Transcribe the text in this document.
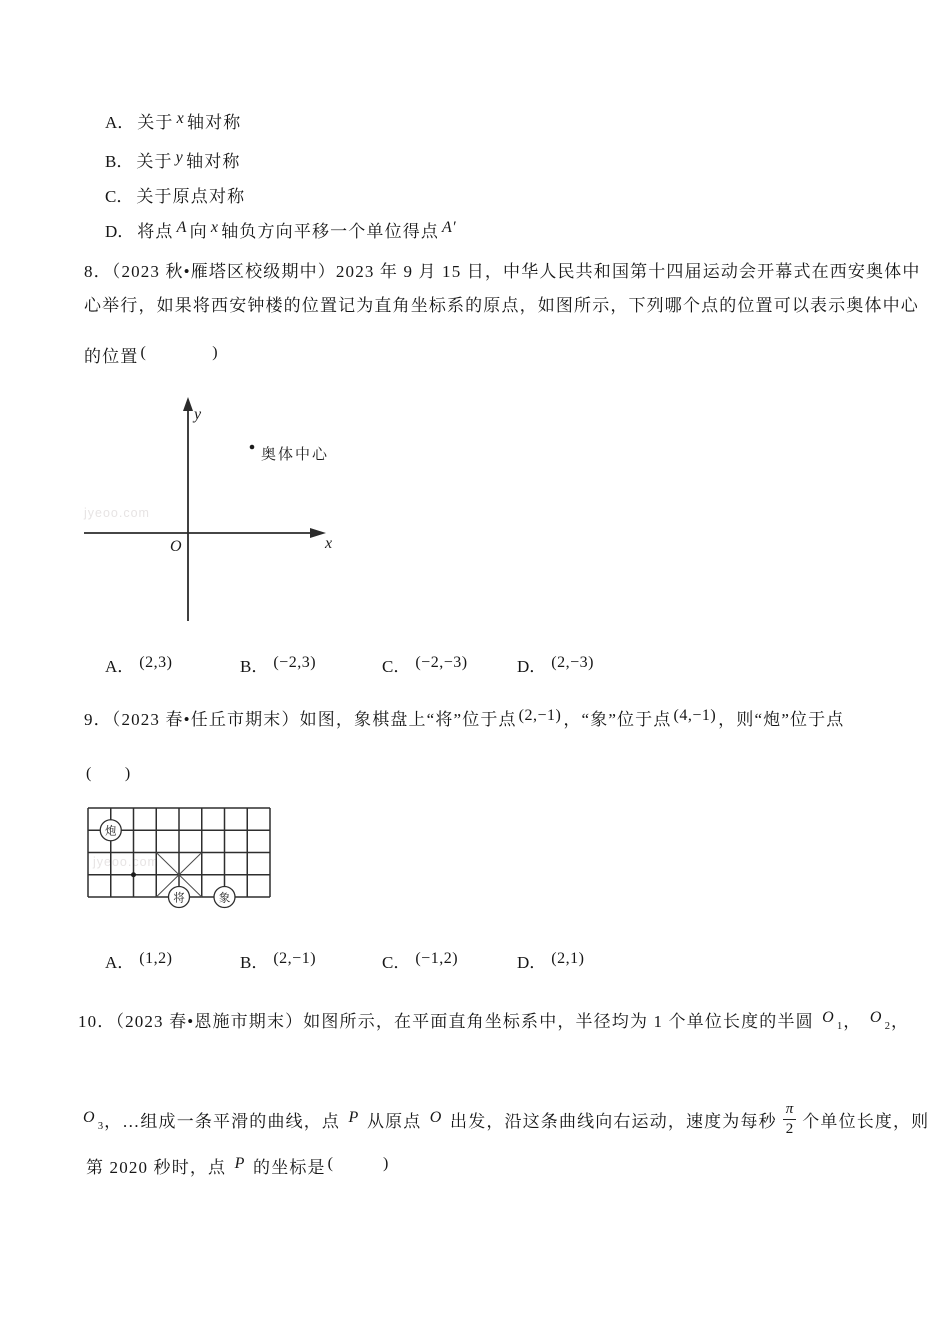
A． 关于 x 轴对称
B． 关于 y 轴对称
C． 关于原点对称
D． 将点 A 向 x 轴负方向平移一个单位得点 A′
8．（2023 秋•雁塔区校级期中）2023 年 9 月 15 日，中华人民共和国第十四届运动会开幕式在西安奥体中
心举行，如果将西安钟楼的位置记为直角坐标系的原点，如图所示，下列哪个点的位置可以表示奥体中心
的位置 (　　　　)
jyeoo.com
y
x
O
奥体中心
A． (2,3)	B． (−2,3)	C． (−2,−3)	D． (2,−3)
9．（2023 春•任丘市期末）如图，象棋盘上“将”位于点 (2,−1) ，“象”位于点 (4,−1) ，则“炮”位于点
(　　)
jyeoo.com
炮
将	象
A． (1,2)	B． (2,−1)	C． (−1,2)	D． (2,1)
10．（2023 春•恩施市期末）如图所示，在平面直角坐标系中，半径均为 1 个单位长度的半圆 O1， O2，
O3，…组成一条平滑的曲线，点 P 从原点 O 出发，沿这条曲线向右运动，速度为每秒 $\frac{\pi}{2}$ 个单位长度，则
第 2020 秒时，点 P 的坐标是 (　　　)
